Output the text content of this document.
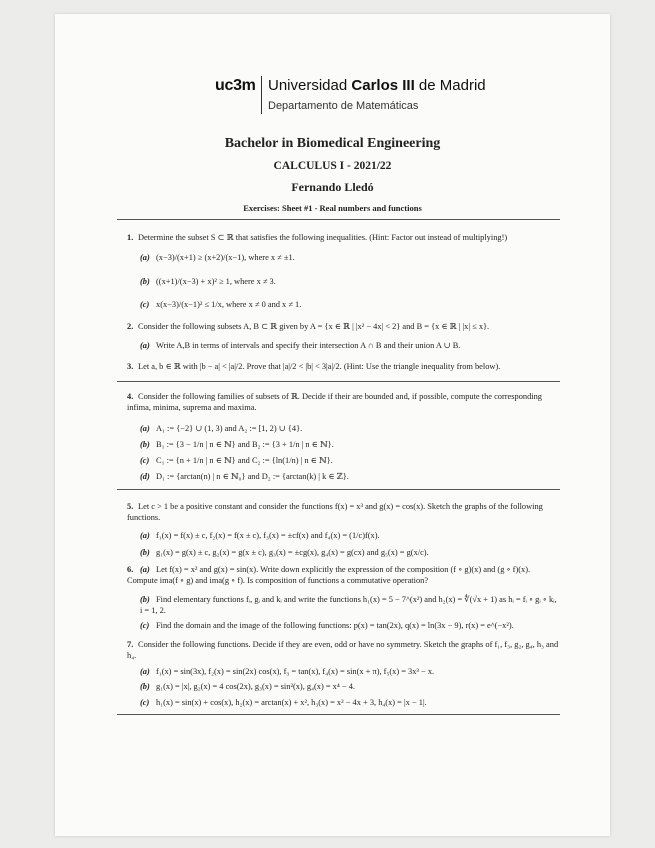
uc3m Universidad Carlos III de Madrid
Departamento de Matemáticas
Bachelor in Biomedical Engineering
CALCULUS I - 2021/22
Fernando Lledó
Exercises: Sheet #1 - Real numbers and functions
1. Determine the subset S ⊂ ℝ that satisfies the following inequalities. (Hint: Factor out instead of multiplying!)
(a) (x−3)/(x+1) ≥ (x+2)/(x−1), where x ≠ ±1.
(b) ((x+1)/(x−3) + x)² ≥ 1, where x ≠ 3.
(c) x(x−3)/(x−1)² ≤ 1/x, where x ≠ 0 and x ≠ 1.
2. Consider the following subsets A, B ⊂ ℝ given by A = {x ∈ ℝ | |x² − 4x| < 2} and B = {x ∈ ℝ | |x| ≤ x}.
(a) Write A,B in terms of intervals and specify their intersection A ∩ B and their union A ∪ B.
3. Let a, b ∈ ℝ with |b − a| < |a|/2. Prove that |a|/2 < |b| < 3|a|/2. (Hint: Use the triangle inequality from below).
4. Consider the following families of subsets of ℝ. Decide if their are bounded and, if possible, compute the corresponding infima, minima, suprema and maxima.
(a) A₁ := {−2} ∪ (1, 3) and A₂ := [1, 2) ∪ {4}.
(b) B₁ := {3 − 1/n | n ∈ ℕ} and B₂ := {3 + 1/n | n ∈ ℕ}.
(c) C₁ := {n + 1/n | n ∈ ℕ} and C₂ := {ln(1/n) | n ∈ ℕ}.
(d) D₁ := {arctan(n) | n ∈ ℕ₀} and D₂ := {arctan(k) | k ∈ ℤ}.
5. Let c > 1 be a positive constant and consider the functions f(x) = x³ and g(x) = cos(x). Sketch the graphs of the following functions.
(a) f₁(x) = f(x) ± c, f₂(x) = f(x ± c), f₃(x) = ±cf(x) and f₄(x) = (1/c)f(x).
(b) g₁(x) = g(x) ± c, g₂(x) = g(x ± c), g₃(x) = ±cg(x), g₄(x) = g(cx) and g₅(x) = g(x/c).
6. (a) Let f(x) = x² and g(x) = sin(x). Write down explicitly the expression of the composition (f ∘ g)(x) and (g ∘ f)(x). Compute ima(f ∘ g) and ima(g ∘ f). Is composition of functions a commutative operation?
(b) Find elementary functions fᵢ, gᵢ and kᵢ and write the functions h₁(x) = 5 − 7^(x²) and h₂(x) = ∜(√x + 1) as hᵢ = fᵢ ∘ gᵢ ∘ kᵢ, i = 1, 2.
(c) Find the domain and the image of the following functions: p(x) = tan(2x), q(x) = ln(3x − 9), r(x) = e^(−x²).
7. Consider the following functions. Decide if they are even, odd or have no symmetry. Sketch the graphs of f₁, f₃, g₂, g₄, h₃ and h₄.
(a) f₁(x) = sin(3x), f₂(x) = sin(2x) cos(x), f₃ = tan(x), f₄(x) = sin(x + π), f₅(x) = 3x³ − x.
(b) g₁(x) = |x|, g₂(x) = 4 cos(2x), g₃(x) = sin²(x), g₄(x) = x⁴ − 4.
(c) h₁(x) = sin(x) + cos(x), h₂(x) = arctan(x) + x², h₃(x) = x² − 4x + 3, h₄(x) = |x − 1|.
